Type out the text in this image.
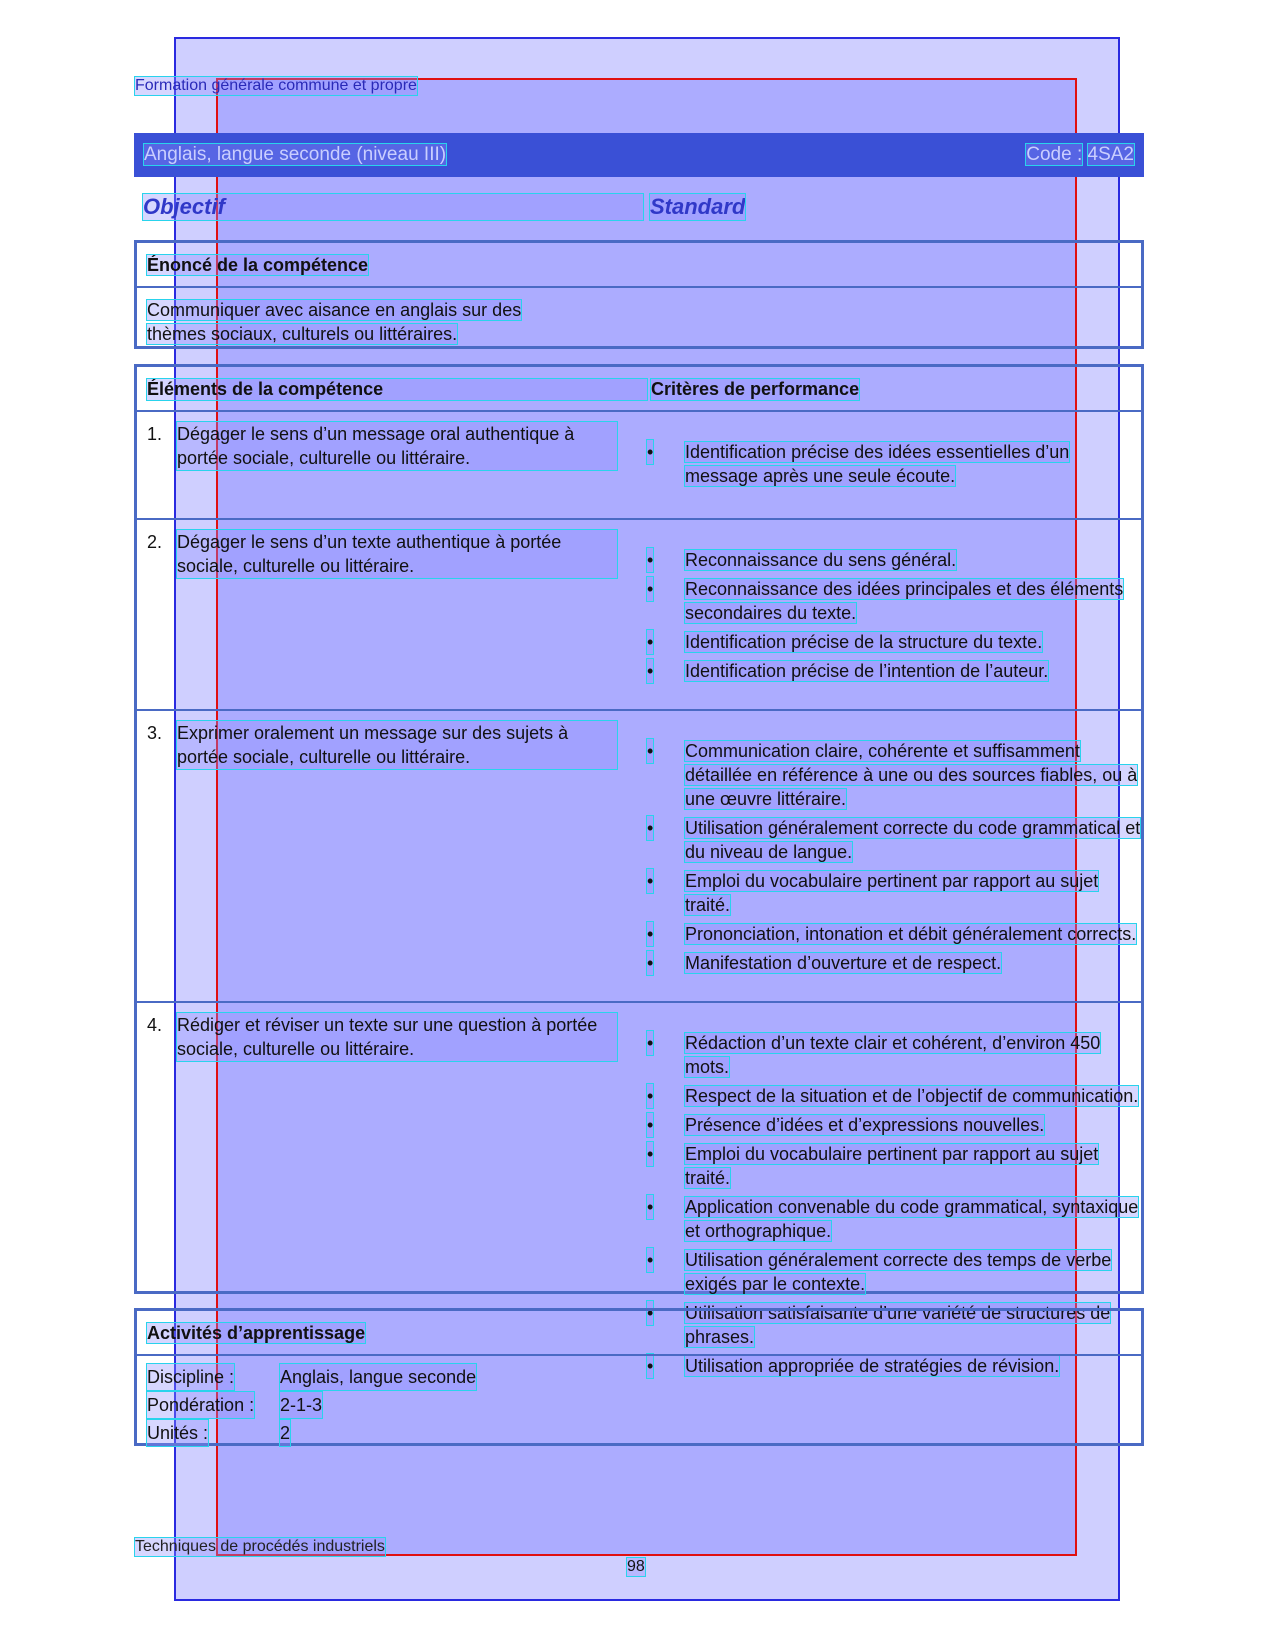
Formation générale commune et propre
Anglais, langue seconde (niveau III)	Code : 4SA2
Objectif	Standard
Énoncé de la compétence
Communiquer avec aisance en anglais sur des
thèmes sociaux, culturels ou littéraires.
Éléments de la compétence	Critères de performance
1. Dégager le sens d’un message oral authentique à portée sociale, culturelle ou littéraire.	• Identification précise des idées essentielles d’un message après une seule écoute.
2. Dégager le sens d’un texte authentique à portée sociale, culturelle ou littéraire.	• Reconnaissance du sens général.
• Reconnaissance des idées principales et des éléments secondaires du texte.
• Identification précise de la structure du texte.
• Identification précise de l’intention de l’auteur.
3. Exprimer oralement un message sur des sujets à portée sociale, culturelle ou littéraire.	• Communication claire, cohérente et suffisamment détaillée en référence à une ou des sources fiables, ou à une œuvre littéraire.
• Utilisation généralement correcte du code grammatical et du niveau de langue.
• Emploi du vocabulaire pertinent par rapport au sujet traité.
• Prononciation, intonation et débit généralement corrects.
• Manifestation d’ouverture et de respect.
4. Rédiger et réviser un texte sur une question à portée sociale, culturelle ou littéraire.	• Rédaction d’un texte clair et cohérent, d’environ 450 mots.
• Respect de la situation et de l’objectif de communication.
• Présence d’idées et d’expressions nouvelles.
• Emploi du vocabulaire pertinent par rapport au sujet traité.
• Application convenable du code grammatical, syntaxique et orthographique.
• Utilisation généralement correcte des temps de verbe exigés par le contexte.
• Utilisation satisfaisante d’une variété de structures de phrases.
• Utilisation appropriée de stratégies de révision.
Activités d’apprentissage
Discipline :	Anglais, langue seconde
Pondération : 2-1-3
Unités :	2
Techniques de procédés industriels
98
